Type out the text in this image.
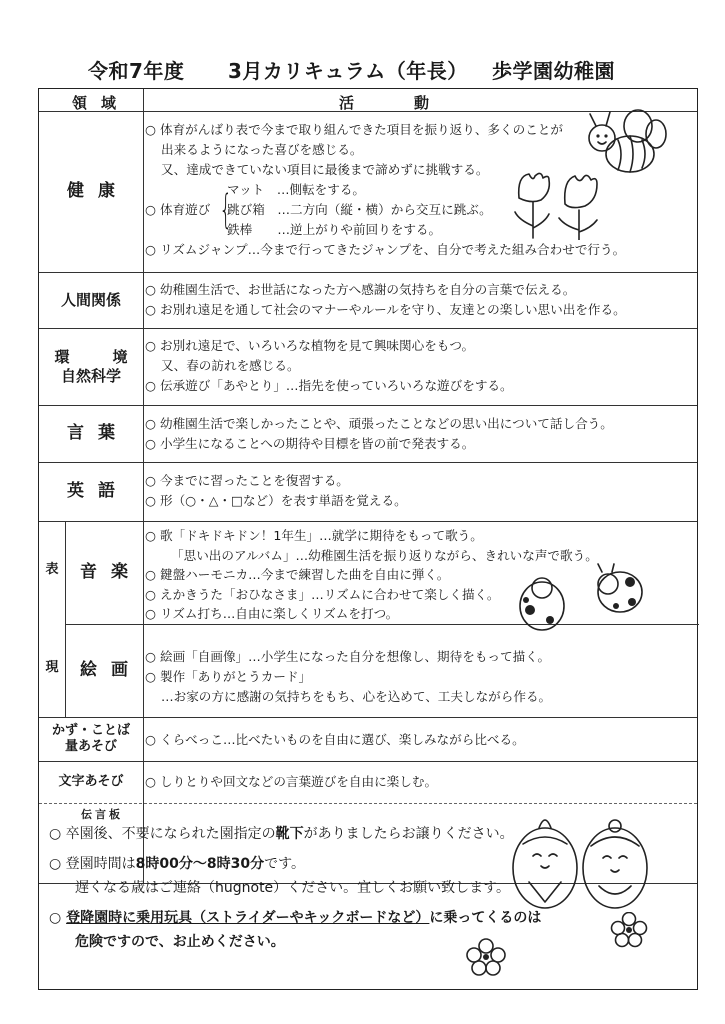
令和7年度 3月カリキュラム（年長） 歩学園幼稚園
領域	活動
健康
○ 体育がんばり表で今まで取り組んできた項目を振り返り、多くのことが
出来るようになった喜びを感じる。
又、達成できていない項目に最後まで諦めずに挑戦する。
マット　…側転をする。
○ 体育遊び {
跳び箱　…二方向（縦・横）から交互に跳ぶ。
鉄棒　　…逆上がりや前回りをする。
○ リズムジャンプ…今まで行ってきたジャンプを、自分で考えた組み合わせで行う。
人間関係
○ 幼稚園生活で、お世話になった方へ感謝の気持ちを自分の言葉で伝える。
○ お別れ遠足を通して社会のマナーやルールを守り、友達との楽しい思い出を作る。
環　境
自然科学
○ お別れ遠足で、いろいろな植物を見て興味関心をもつ。
又、春の訪れを感じる。
○ 伝承遊び「あやとり」…指先を使っていろいろな遊びをする。
言葉 ○ 幼稚園生活で楽しかったことや、頑張ったことなどの思い出について話し合う。
○ 小学生になることへの期待や目標を皆の前で発表する。
英語
○ 今までに習ったことを復習する。
○ 形（○・△・□など）を表す単語を覚える。
表
現
音楽
○ 歌「ドキドキドン！1年生」…就学に期待をもって歌う。
「思い出のアルバム」…幼稚園生活を振り返りながら、きれいな声で歌う。
○ 鍵盤ハーモニカ…今まで練習した曲を自由に弾く。
○ えかきうた「おひなさま」…リズムに合わせて楽しく描く。
○ リズム打ち…自由に楽しくリズムを打つ。
絵画
○ 絵画「自画像」…小学生になった自分を想像し、期待をもって描く。
○ 製作「ありがとうカード」
…お家の方に感謝の気持ちをもち、心を込めて、工夫しながら作る。
かず・ことば
量あそび ○ くらべっこ…比べたいものを自由に選び、楽しみながら比べる。
文字あそび ○ しりとりや回文などの言葉遊びを自由に楽しむ。
伝言板
○ 卒園後、不要になられた園指定の靴下がありましたらお譲りください。
○ 登園時間は8時00分〜8時30分です。
遅くなる歳はご連絡（hugnote）ください。宜しくお願い致します。
○ 登降園時に乗用玩具（ストライダーやキックボードなど）に乗ってくるのは
危険ですので、お止めください。
